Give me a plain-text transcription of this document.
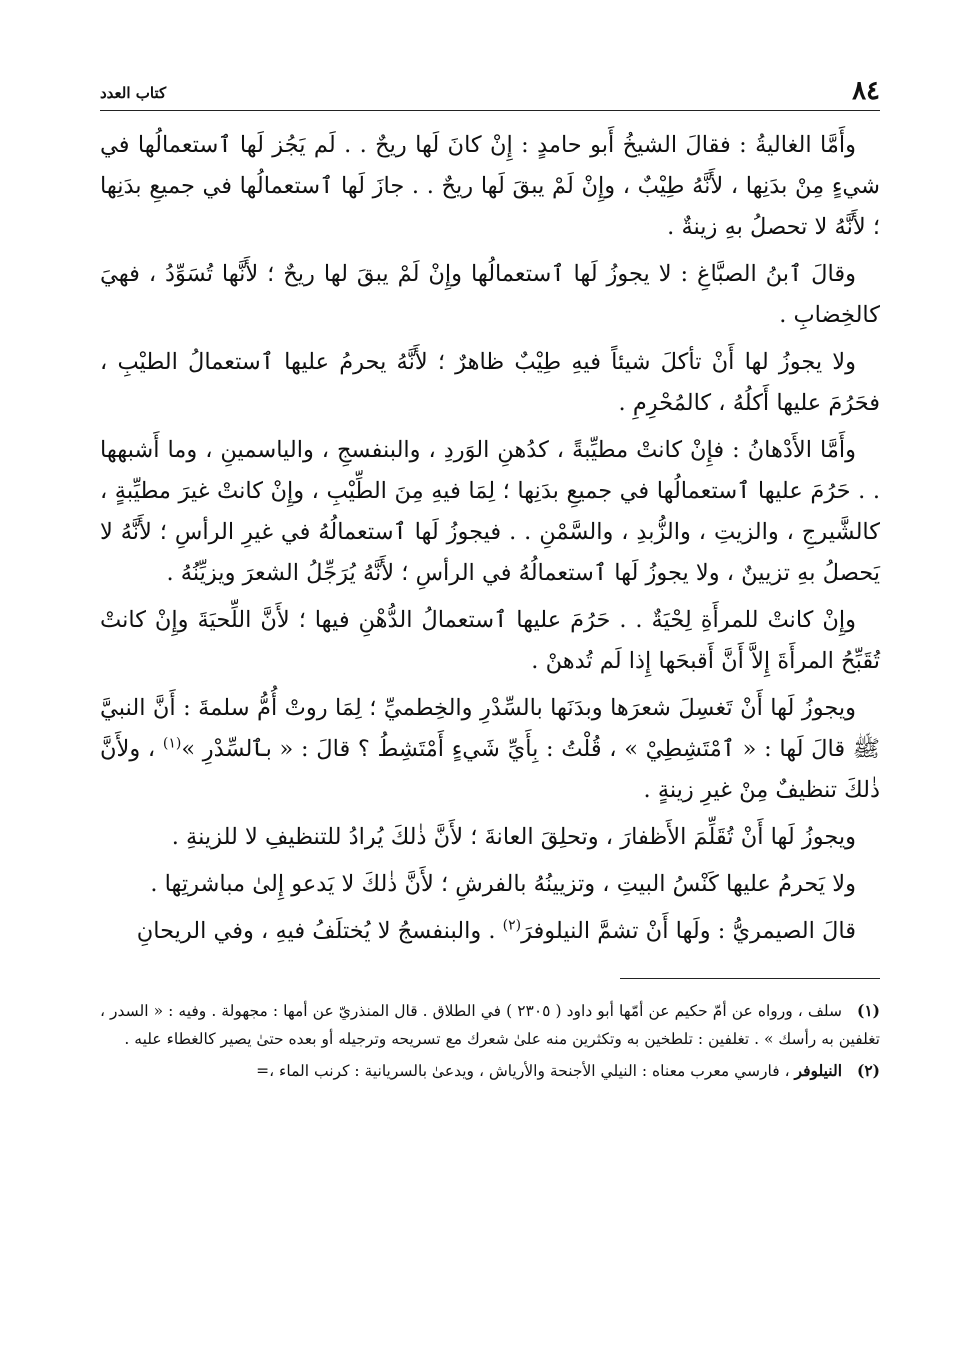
٨٤
كتاب العدد

وأَمَّا الغاليةُ : فقالَ الشيخُ أَبو حامدٍ : إِنْ كانَ لَها ريحٌ . . لَم يَجُز لَها ٱستعمالُها في شيءٍ مِنْ بدَنِها ، لأَنَّهُ طِيْبٌ ، وإِنْ لَمْ يبقَ لَها ريحٌ . . جازَ لَها ٱستعمالُها في جميعِ بدَنِها ؛ لأَنَّهُ لا تحصلُ بهِ زينةٌ .

وقالَ ٱبنُ الصبَّاغِ : لا يجوزُ لَها ٱستعمالُها وإِنْ لَمْ يبقَ لها ريحٌ ؛ لأَنَّها تُسَوِّدُ ، فهيَ كالخِضابِ .

ولا يجوزُ لها أَنْ تأكلَ شيئاً فيهِ طِيْبٌ ظاهرٌ ؛ لأَنَّهُ يحرمُ عليها ٱستعمالُ الطيْبِ ، فحَرُمَ عليها أَكلُهُ ، كالمُحْرِمِ .

وأَمَّا الأَدْهانُ : فإِنْ كانتْ مطيِّبةً ، كدُهنِ الوَردِ ، والبنفسجِ ، والياسمينِ ، وما أَشبهها . . حَرُمَ عليها ٱستعمالُها في جميعِ بدَنِها ؛ لِمَا فيهِ مِنَ الطِّيْبِ ، وإِنْ كانتْ غيرَ مطيِّبةٍ ، كالشَّيرجِ ، والزيتِ ، والزُّبدِ ، والسَّمْنِ . . فيجوزُ لَها ٱستعمالُهُ في غيرِ الرأسِ ؛ لأَنَّهُ لا يَحصلُ بهِ تزيينٌ ، ولا يجوزُ لَها ٱستعمالُهُ في الرأسِ ؛ لأَنَّهُ يُرَجِّلُ الشعرَ ويزيِّنُهُ .

وإِنْ كانتْ للمرأَةِ لِحْيَةٌ . . حَرُمَ عليها ٱستعمالُ الدُّهْنِ فيها ؛ لأَنَّ اللِّحيَةَ وإِنْ كانتْ تُقَبِّحُ المرأَةَ إِلاَّ أَنَّ أَقبحَها إِذا لَم تُدهنْ .

ويجوزُ لَها أَنْ تَغسِلَ شعرَها وبدَنَها بالسِّدْرِ والخِطميِّ ؛ لِمَا روتْ أُمُّ سلمةَ : أَنَّ النبيَّ ﷺ قالَ لَها : « ٱمْتَشِطِيْ » ، قُلْتُ : بِأَيِّ شَيءٍ أَمْتَشِطُ ؟ قالَ : « بٱلسِّدْرِ »$^{(١)}$ ، ولأَنَّ ذٰلكَ تنظيفٌ مِنْ غيرِ زينةٍ .

ويجوزُ لَها أَنْ تُقَلِّمَ الأَظفارَ ، وتحلِقَ العانةَ ؛ لأَنَّ ذٰلكَ يُرادُ للتنظيفِ لا للزينةِ .

ولا يَحرمُ عليها كَنْسُ البيتِ ، وتزيينُهُ بالفرشِ ؛ لأَنَّ ذٰلكَ لا يَدعو إِلىٰ مباشرتِها .

قالَ الصيمريُّ : ولَها أَنْ تشمَّ النيلوفرَ$^{(٢)}$ . والبنفسجُ لا يُختلَفُ فيهِ ، وفي الريحانِ

(١)سلف ، ورواه عن أمّ حكيم عن أمّها أبو داود ( ٢٣٠٥ ) في الطلاق . قال المنذريّ عن أمها : مجهولة . وفيه : « السدر ، تغلفين به رأسك » . تغلفين : تلطخين به وتكثرين منه علىٰ شعرك مع تسريحه وترجيله أو بعده حتىٰ يصير كالغطاء عليه .

(٢)النيلوفر ، فارسي معرب معناه : النيلي الأجنحة والأرياش ، ويدعىٰ بالسريانية : كرنب الماء ،=
